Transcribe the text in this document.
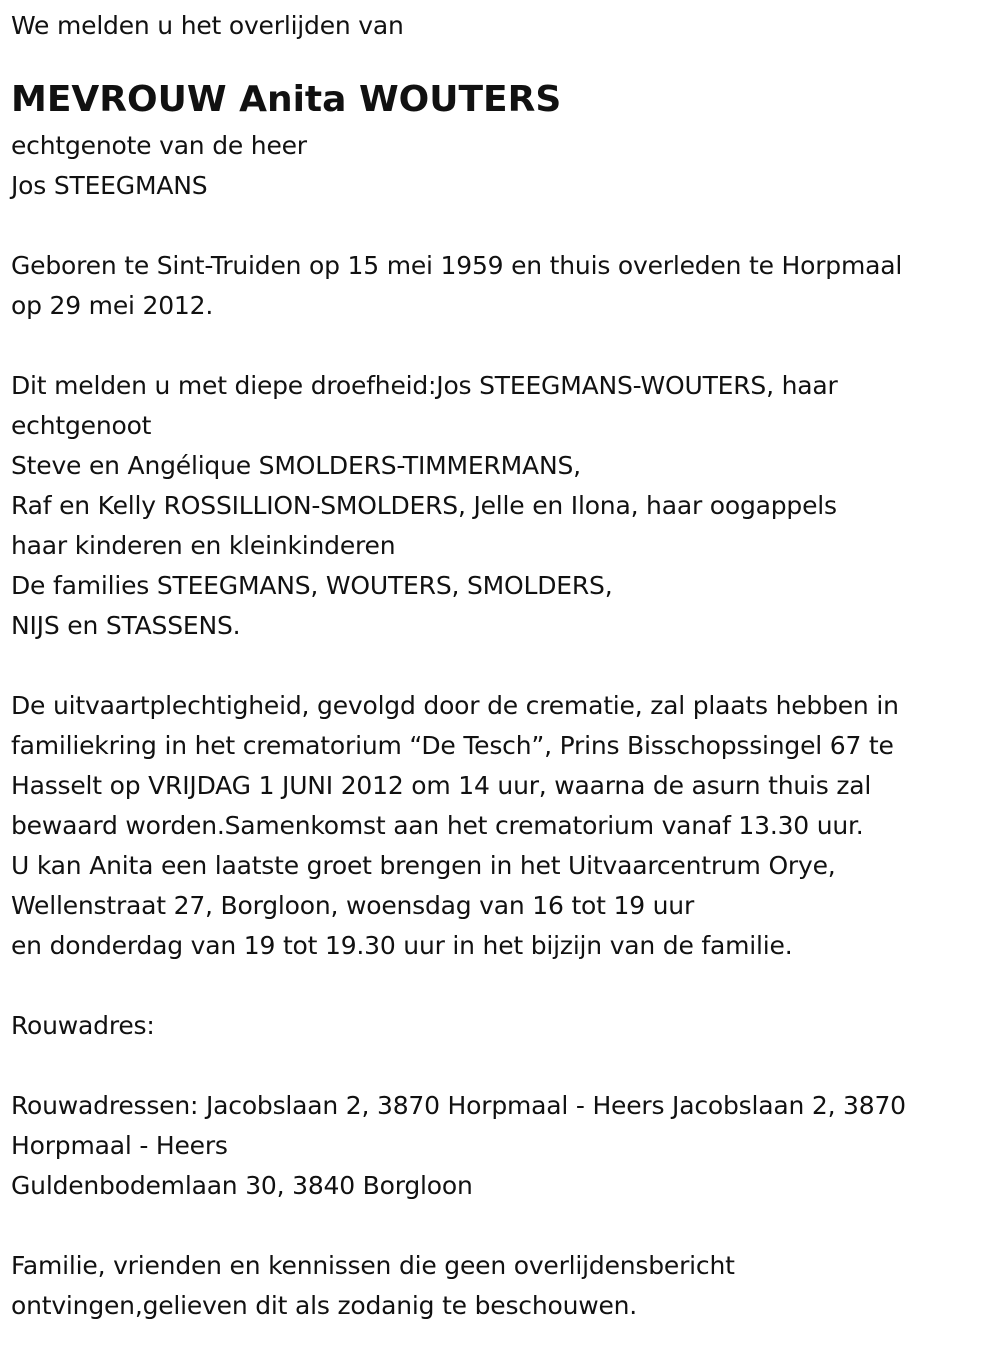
We melden u het overlijden van
MEVROUW Anita WOUTERS
echtgenote van de heer
Jos STEEGMANS
Geboren te Sint-Truiden op 15 mei 1959 en thuis overleden te Horpmaal
op 29 mei 2012.
Dit melden u met diepe droefheid:Jos STEEGMANS-WOUTERS, haar
echtgenoot
Steve en Angélique SMOLDERS-TIMMERMANS,
Raf en Kelly ROSSILLION-SMOLDERS, Jelle en Ilona, haar oogappels
haar kinderen en kleinkinderen
De families STEEGMANS, WOUTERS, SMOLDERS,
NIJS en STASSENS.
De uitvaartplechtigheid, gevolgd door de crematie, zal plaats hebben in
familiekring in het crematorium “De Tesch”, Prins Bisschopssingel 67 te
Hasselt op VRIJDAG 1 JUNI 2012 om 14 uur, waarna de asurn thuis zal
bewaard worden.Samenkomst aan het crematorium vanaf 13.30 uur.
U kan Anita een laatste groet brengen in het Uitvaarcentrum Orye,
Wellenstraat 27, Borgloon, woensdag van 16 tot 19 uur
en donderdag van 19 tot 19.30 uur in het bijzijn van de familie.
Rouwadres:
Rouwadressen: Jacobslaan 2, 3870 Horpmaal - Heers Jacobslaan 2, 3870
Horpmaal - Heers
Guldenbodemlaan 30, 3840 Borgloon
Familie, vrienden en kennissen die geen overlijdensbericht
ontvingen,gelieven dit als zodanig te beschouwen.
